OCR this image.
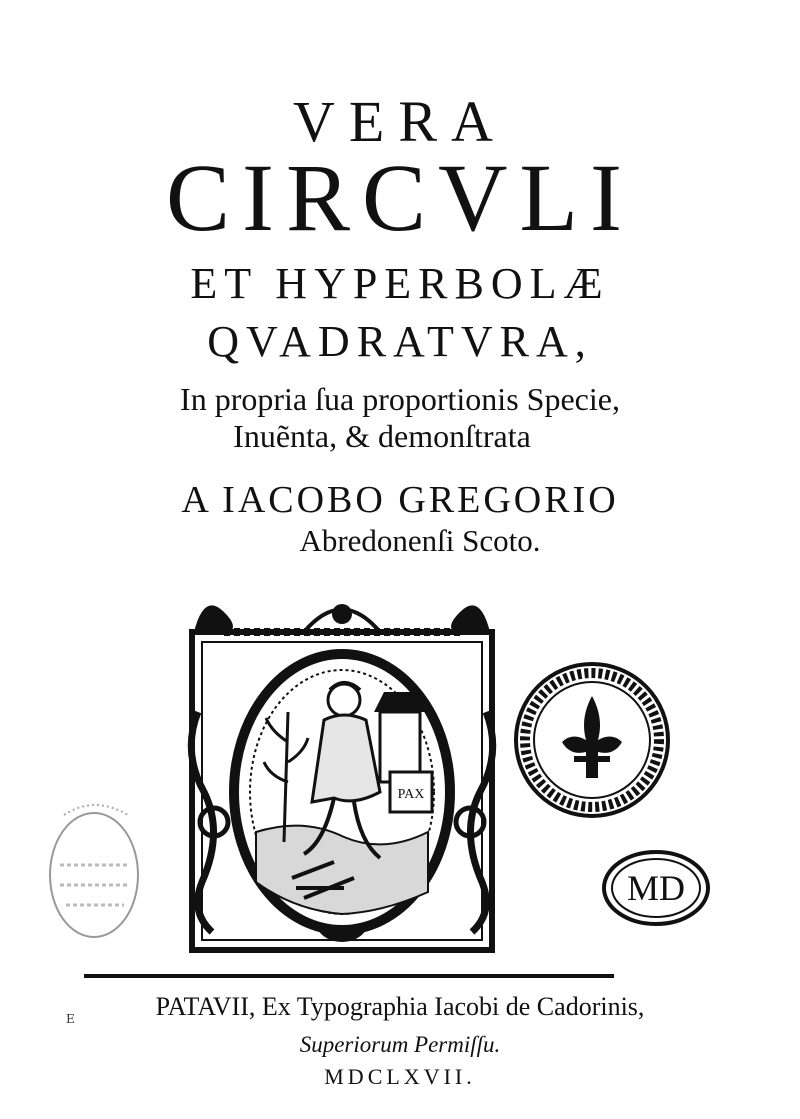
VERA
CIRCVLI
ET HYPERBOLÆ
QVADRATVRA,
In propria ſua proportionis Specie,
Inuẽnta, & demonſtrata
A IACOBO GREGORIO
Abredonenſi Scoto.
PAX
MD
PATAVII, Ex Typographia Iacobi de Cadorinis,
Superiorum Permiſſu.
MDCLXVII.
E
